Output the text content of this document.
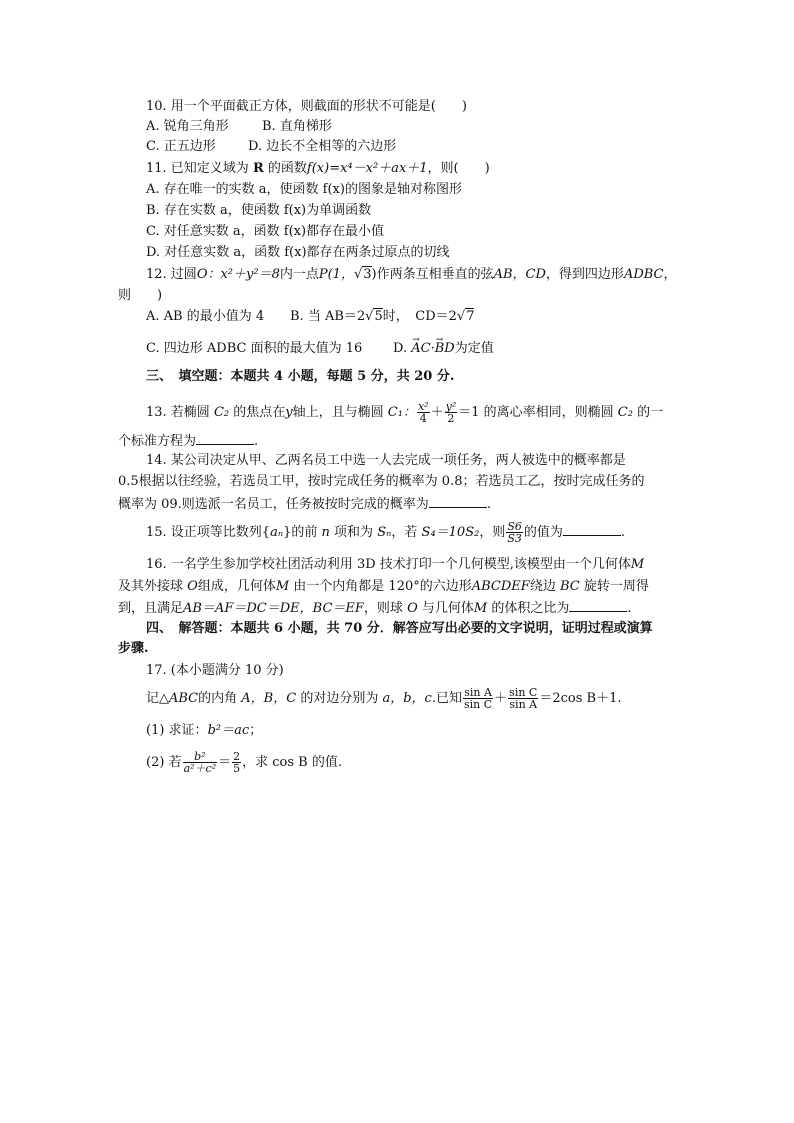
10. 用一个平面截正方体，则截面的形状不可能是(　　)
A. 锐角三角形	B. 直角梯形
C. 正五边形 D. 边长不全相等的六边形
11. 已知定义域为 R 的函数f(x)=x⁴－x²＋ax＋1，则(　　)
A. 存在唯一的实数 a，使函数 f(x)的图象是轴对称图形
B. 存在实数 a，使函数 f(x)为单调函数
C. 对任意实数 a，函数 f(x)都存在最小值
D. 对任意实数 a，函数 f(x)都存在两条过原点的切线
12. 过圆O：x²＋y²＝8内一点P(1，√3)作两条互相垂直的弦AB，CD，得到四边形ADBC，
则　　)
A. AB 的最小值为 4 B. 当 AB＝2√5时，　CD＝2√7
C. 四边形 ADBC 面积的最大值为 16 D. → AC·→ BD为定值
三、　 填空题：本题共 4 小题，每题 5 分，共 20 分.
13. 若椭圆 C₂ 的焦点在y轴上，且与椭圆 C₁： $\frac{\text{x²}}{4} + \frac{\text{y²}}{2} =1$ 的离心率相同，则椭圆 C₂ 的一
个标准方程为	.
14. 某公司决定从甲、乙两名员工中选一人去完成一项任务，两人被选中的概率都是
0.5根据以往经验，若选员工甲，按时完成任务的概率为 0.8；若选员工乙，按时完成任务的
概率为 09.则选派一名员工，任务被按时完成的概率为	.
15. 设正项等比数列{aₙ}的前 n 项和为 Sₙ，若 S₄＝10S₂，则 $\frac{S6}{S3}$ 的值为	.
16. 一名学生参加学校社团活动利用 3D 技术打印一个几何模型,该模型由一个几何体M
及其外接球 O组成，几何体M 由一个内角都是 120°的六边形ABCDEF绕边 BC 旋转一周得
到，且满足AB＝AF＝DC＝DE，BC＝EF，则球 O 与几何体M 的体积之比为	.
四、　 解答题：本题共 6 小题，共 70 分．解答应写出必要的文字说明，证明过程或演算
步骤.
17. (本小题满分 10 分)
记△ABC的内角 A，B，C 的对边分别为 a，b，c.已知 $\frac{\text{sin A}}{\text{sin C}} + \frac{\text{sin C}}{\text{sin A}} =2\cos$ B＋1.
(1) 求证：b²＝ac；
(2) 若 $\frac{\text{b²}}{\text{a²＋c²}} = \frac{2}{5}$ ，求 cos B 的值.
